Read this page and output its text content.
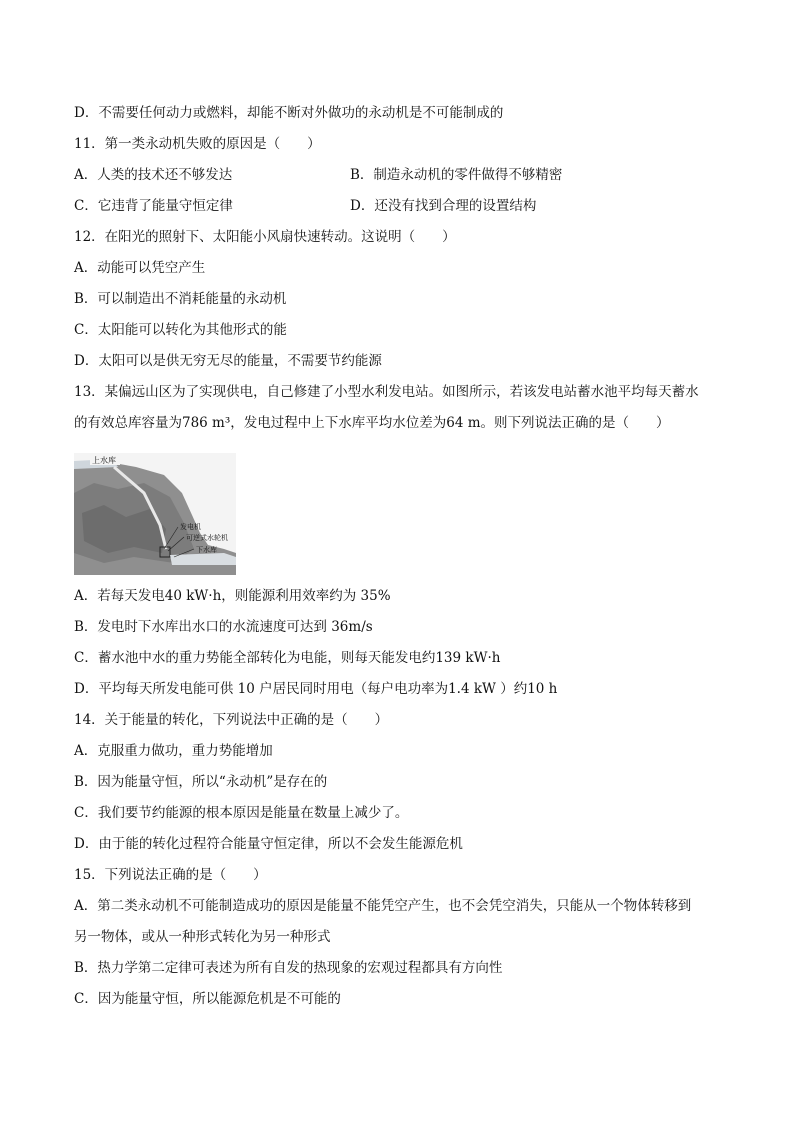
D．不需要任何动力或燃料，却能不断对外做功的永动机是不可能制成的
11．第一类永动机失败的原因是（　　）
A．人类的技术还不够发达	B．制造永动机的零件做得不够精密
C．它违背了能量守恒定律	D．还没有找到合理的设置结构
12．在阳光的照射下、太阳能小风扇快速转动。这说明（　　）
A．动能可以凭空产生
B．可以制造出不消耗能量的永动机
C．太阳能可以转化为其他形式的能
D．太阳可以是供无穷无尽的能量，不需要节约能源
13．某偏远山区为了实现供电，自己修建了小型水利发电站。如图所示，若该发电站蓄水池平均每天蓄水
的有效总库容量为786 m³，发电过程中上下水库平均水位差为64 m。则下列说法正确的是（　　）
上水库
发电机
可逆式水轮机
下水库
A．若每天发电40 kW·h，则能源利用效率约为 35%
B．发电时下水库出水口的水流速度可达到 36m/s
C．蓄水池中水的重力势能全部转化为电能，则每天能发电约139 kW·h
D．平均每天所发电能可供 10 户居民同时用电（每户电功率为1.4 kW ）约10 h
14．关于能量的转化，下列说法中正确的是（　　）
A．克服重力做功，重力势能增加
B．因为能量守恒，所以“永动机”是存在的
C．我们要节约能源的根本原因是能量在数量上减少了。
D．由于能的转化过程符合能量守恒定律，所以不会发生能源危机
15．下列说法正确的是（　　）
A．第二类永动机不可能制造成功的原因是能量不能凭空产生，也不会凭空消失，只能从一个物体转移到
另一物体，或从一种形式转化为另一种形式
B．热力学第二定律可表述为所有自发的热现象的宏观过程都具有方向性
C．因为能量守恒，所以能源危机是不可能的
